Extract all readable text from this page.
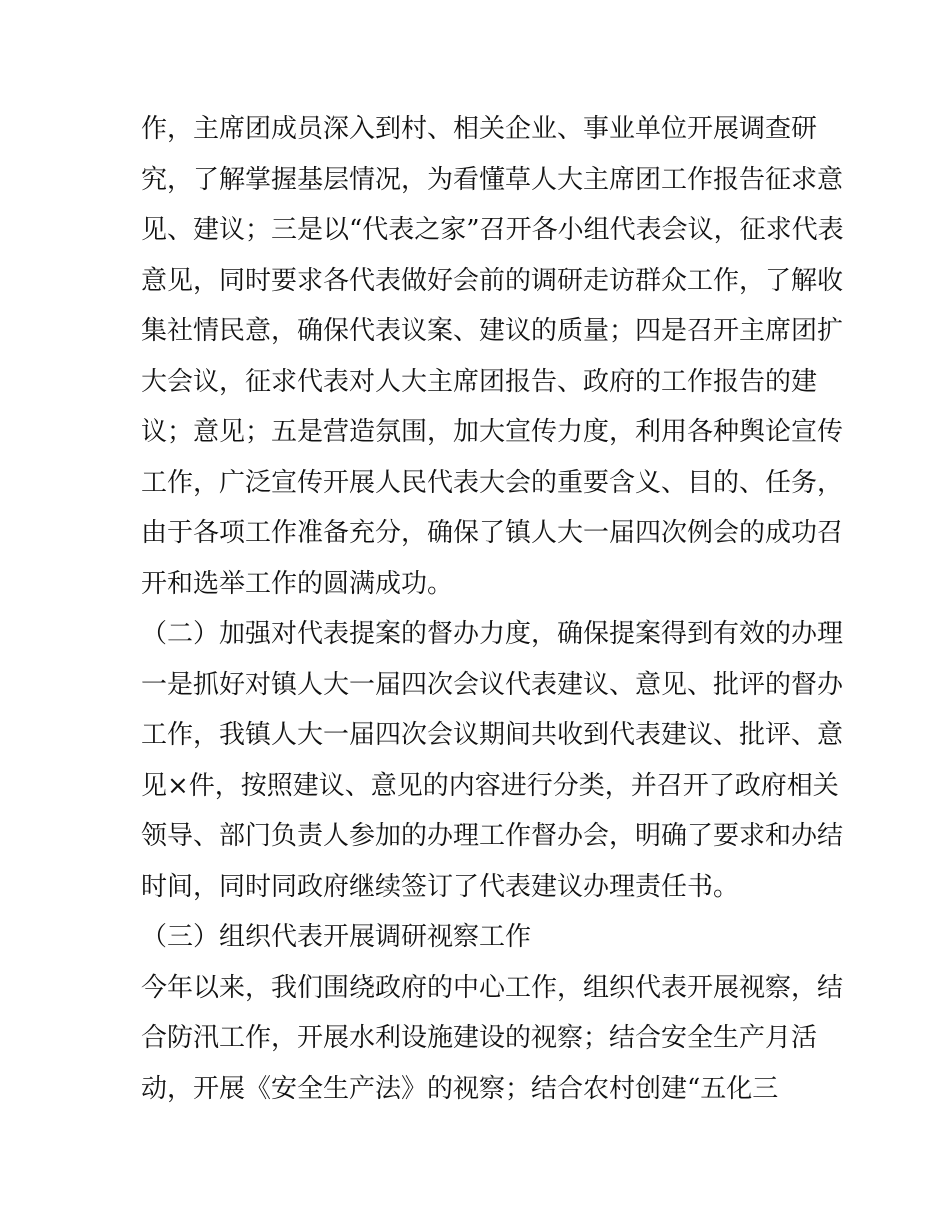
作，主席团成员深入到村、相关企业、事业单位开展调查研
究，了解掌握基层情况，为看懂草人大主席团工作报告征求意
见、建议；三是以“代表之家”召开各小组代表会议，征求代表
意见，同时要求各代表做好会前的调研走访群众工作，了解收
集社情民意，确保代表议案、建议的质量；四是召开主席团扩
大会议，征求代表对人大主席团报告、政府的工作报告的建
议；意见；五是营造氛围，加大宣传力度，利用各种舆论宣传
工作，广泛宣传开展人民代表大会的重要含义、目的、任务，
由于各项工作准备充分，确保了镇人大一届四次例会的成功召
开和选举工作的圆满成功。
（二）加强对代表提案的督办力度，确保提案得到有效的办理
一是抓好对镇人大一届四次会议代表建议、意见、批评的督办
工作，我镇人大一届四次会议期间共收到代表建议、批评、意
见×件，按照建议、意见的内容进行分类，并召开了政府相关
领导、部门负责人参加的办理工作督办会，明确了要求和办结
时间，同时同政府继续签订了代表建议办理责任书。
（三）组织代表开展调研视察工作
今年以来，我们围绕政府的中心工作，组织代表开展视察，结
合防汛工作，开展水利设施建设的视察；结合安全生产月活
动，开展《安全生产法》的视察；结合农村创建“五化三
